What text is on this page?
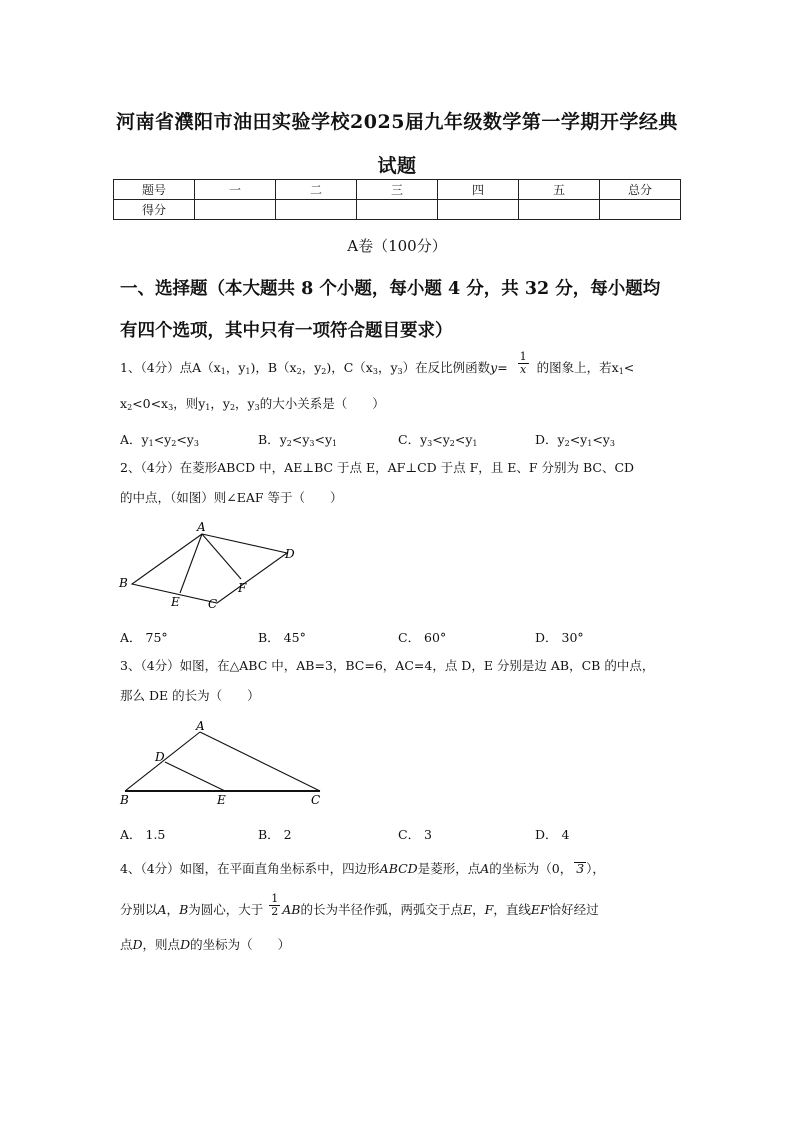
河南省濮阳市油田实验学校2025届九年级数学第一学期开学经典
试题
题号	一	二	三	四	五	总分
得分						
A卷（100分）
一、选择题（本大题共 8 个小题，每小题 4 分，共 32 分，每小题均
有四个选项，其中只有一项符合题目要求）
1、（4分）点$A(x_1$，$y_1$)，$B(x_2$，$y_2$)，$C(x_3$，$y_3$）在反比例函数$y= \frac{1}{x}$ 的图象上，若$x_1<$
$x_2<0<x_3$，则$y_1$，$y_2$，$y_3$的大小关系是（　　）
A．$y_1<y_2<y_3$	B．$y_2<y_3<y_1$	C．$y_3<y_2<y_1$	D．$y_2<y_1<y_3$
2、（4分）在菱形ABCD 中，AE⊥BC 于点 E，AF⊥CD 于点 F，且 E、F 分别为 BC、CD
的中点，（如图）则∠EAF 等于（　　）
A
B
C
D
E
F
A． 75°	B． 45°	C． 60°	D． 30°
3、（4分）如图，在△ABC 中，AB=3，BC=6，AC=4，点 D，E 分别是边 AB，CB 的中点，
那么 DE 的长为（　　）
A
D
B	E	C
A． 1.5	B． 2	C． 3	D． 4
4、（4分）如图，在平面直角坐标系中，四边形ABCD是菱形，点A的坐标为（0， 3 ），
分别以A，B为圆心，大于 $\frac{1}{2}$ AB的长为半径作弧，两弧交于点E，F，直线EF恰好经过
点D，则点D的坐标为（　　）
